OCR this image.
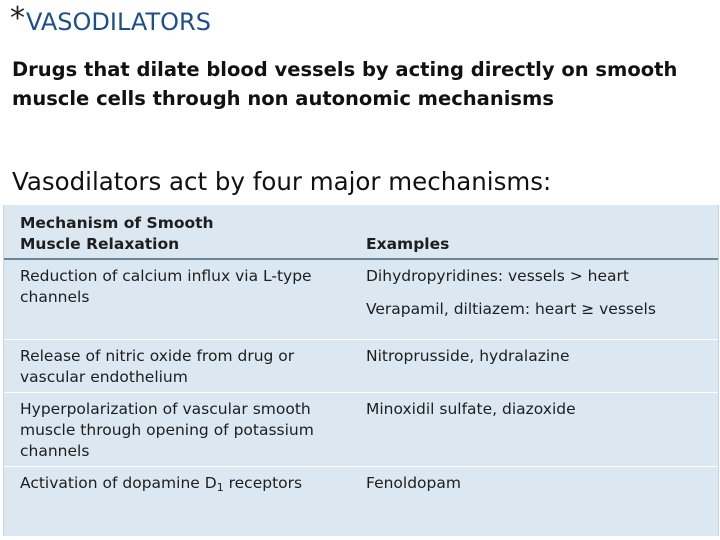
*VASODILATORS

Drugs that dilate blood vessels by acting directly on smooth muscle cells through non autonomic mechanisms

Vasodilators act by four major mechanisms:

Mechanism of Smooth
Muscle Relaxation	Examples
Reduction of calcium influx via L-type channels	Dihydropyridines: vessels > heart
Verapamil, diltiazem: heart ≥ vessels

Release of nitric oxide from drug or vascular endothelium	Nitroprusside, hydralazine

Hyperpolarization of vascular smooth muscle through opening of potassium channels	Minoxidil sulfate, diazoxide

Activation of dopamine $D_1$ receptors	Fenoldopam
